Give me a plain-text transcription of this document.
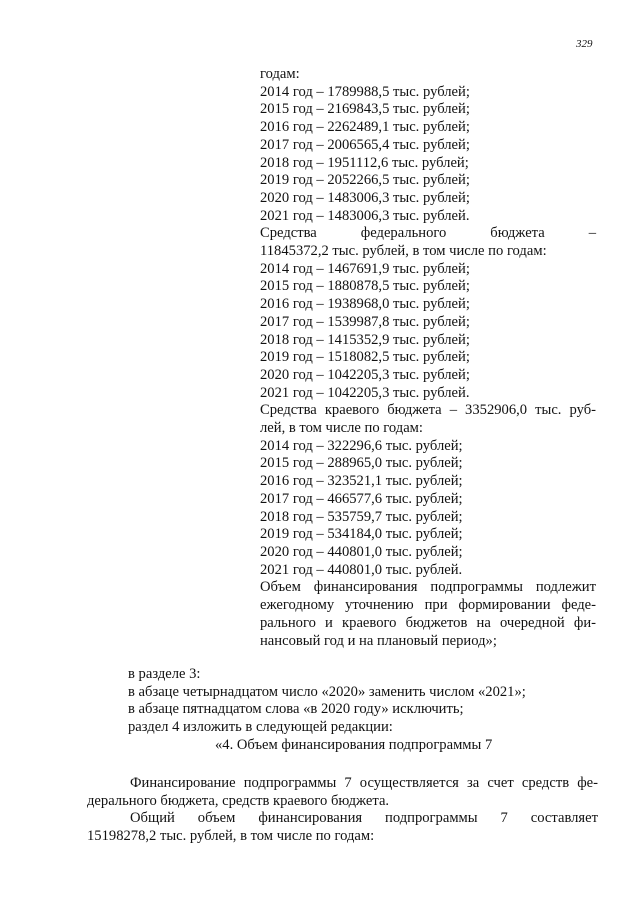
329
годам:
2014 год – 1789988,5 тыс. рублей;
2015 год – 2169843,5 тыс. рублей;
2016 год – 2262489,1 тыс. рублей;
2017 год – 2006565,4 тыс. рублей;
2018 год – 1951112,6 тыс. рублей;
2019 год – 2052266,5 тыс. рублей;
2020 год – 1483006,3 тыс. рублей;
2021 год – 1483006,3 тыс. рублей.
Средства федерального бюджета –
11845372,2 тыс. рублей, в том числе по годам:
2014 год – 1467691,9 тыс. рублей;
2015 год – 1880878,5 тыс. рублей;
2016 год – 1938968,0 тыс. рублей;
2017 год – 1539987,8 тыс. рублей;
2018 год – 1415352,9 тыс. рублей;
2019 год – 1518082,5 тыс. рублей;
2020 год – 1042205,3 тыс. рублей;
2021 год – 1042205,3 тыс. рублей.
Средства краевого бюджета – 3352906,0 тыс. руб-
лей, в том числе по годам:
2014 год – 322296,6 тыс. рублей;
2015 год – 288965,0 тыс. рублей;
2016 год – 323521,1 тыс. рублей;
2017 год – 466577,6 тыс. рублей;
2018 год – 535759,7 тыс. рублей;
2019 год – 534184,0 тыс. рублей;
2020 год – 440801,0 тыс. рублей;
2021 год – 440801,0 тыс. рублей.
Объем финансирования подпрограммы подлежит
ежегодному уточнению при формировании феде-
рального и краевого бюджетов на очередной фи-
нансовый год и на плановый период»;
в разделе 3:
в абзаце четырнадцатом число «2020» заменить числом «2021»;
в абзаце пятнадцатом слова «в 2020 году» исключить;
раздел 4 изложить в следующей редакции:
«4. Объем финансирования подпрограммы 7
Финансирование подпрограммы 7 осуществляется за счет средств фе-
дерального бюджета, средств краевого бюджета.
Общий объем финансирования подпрограммы 7 составляет
15198278,2 тыс. рублей, в том числе по годам:
